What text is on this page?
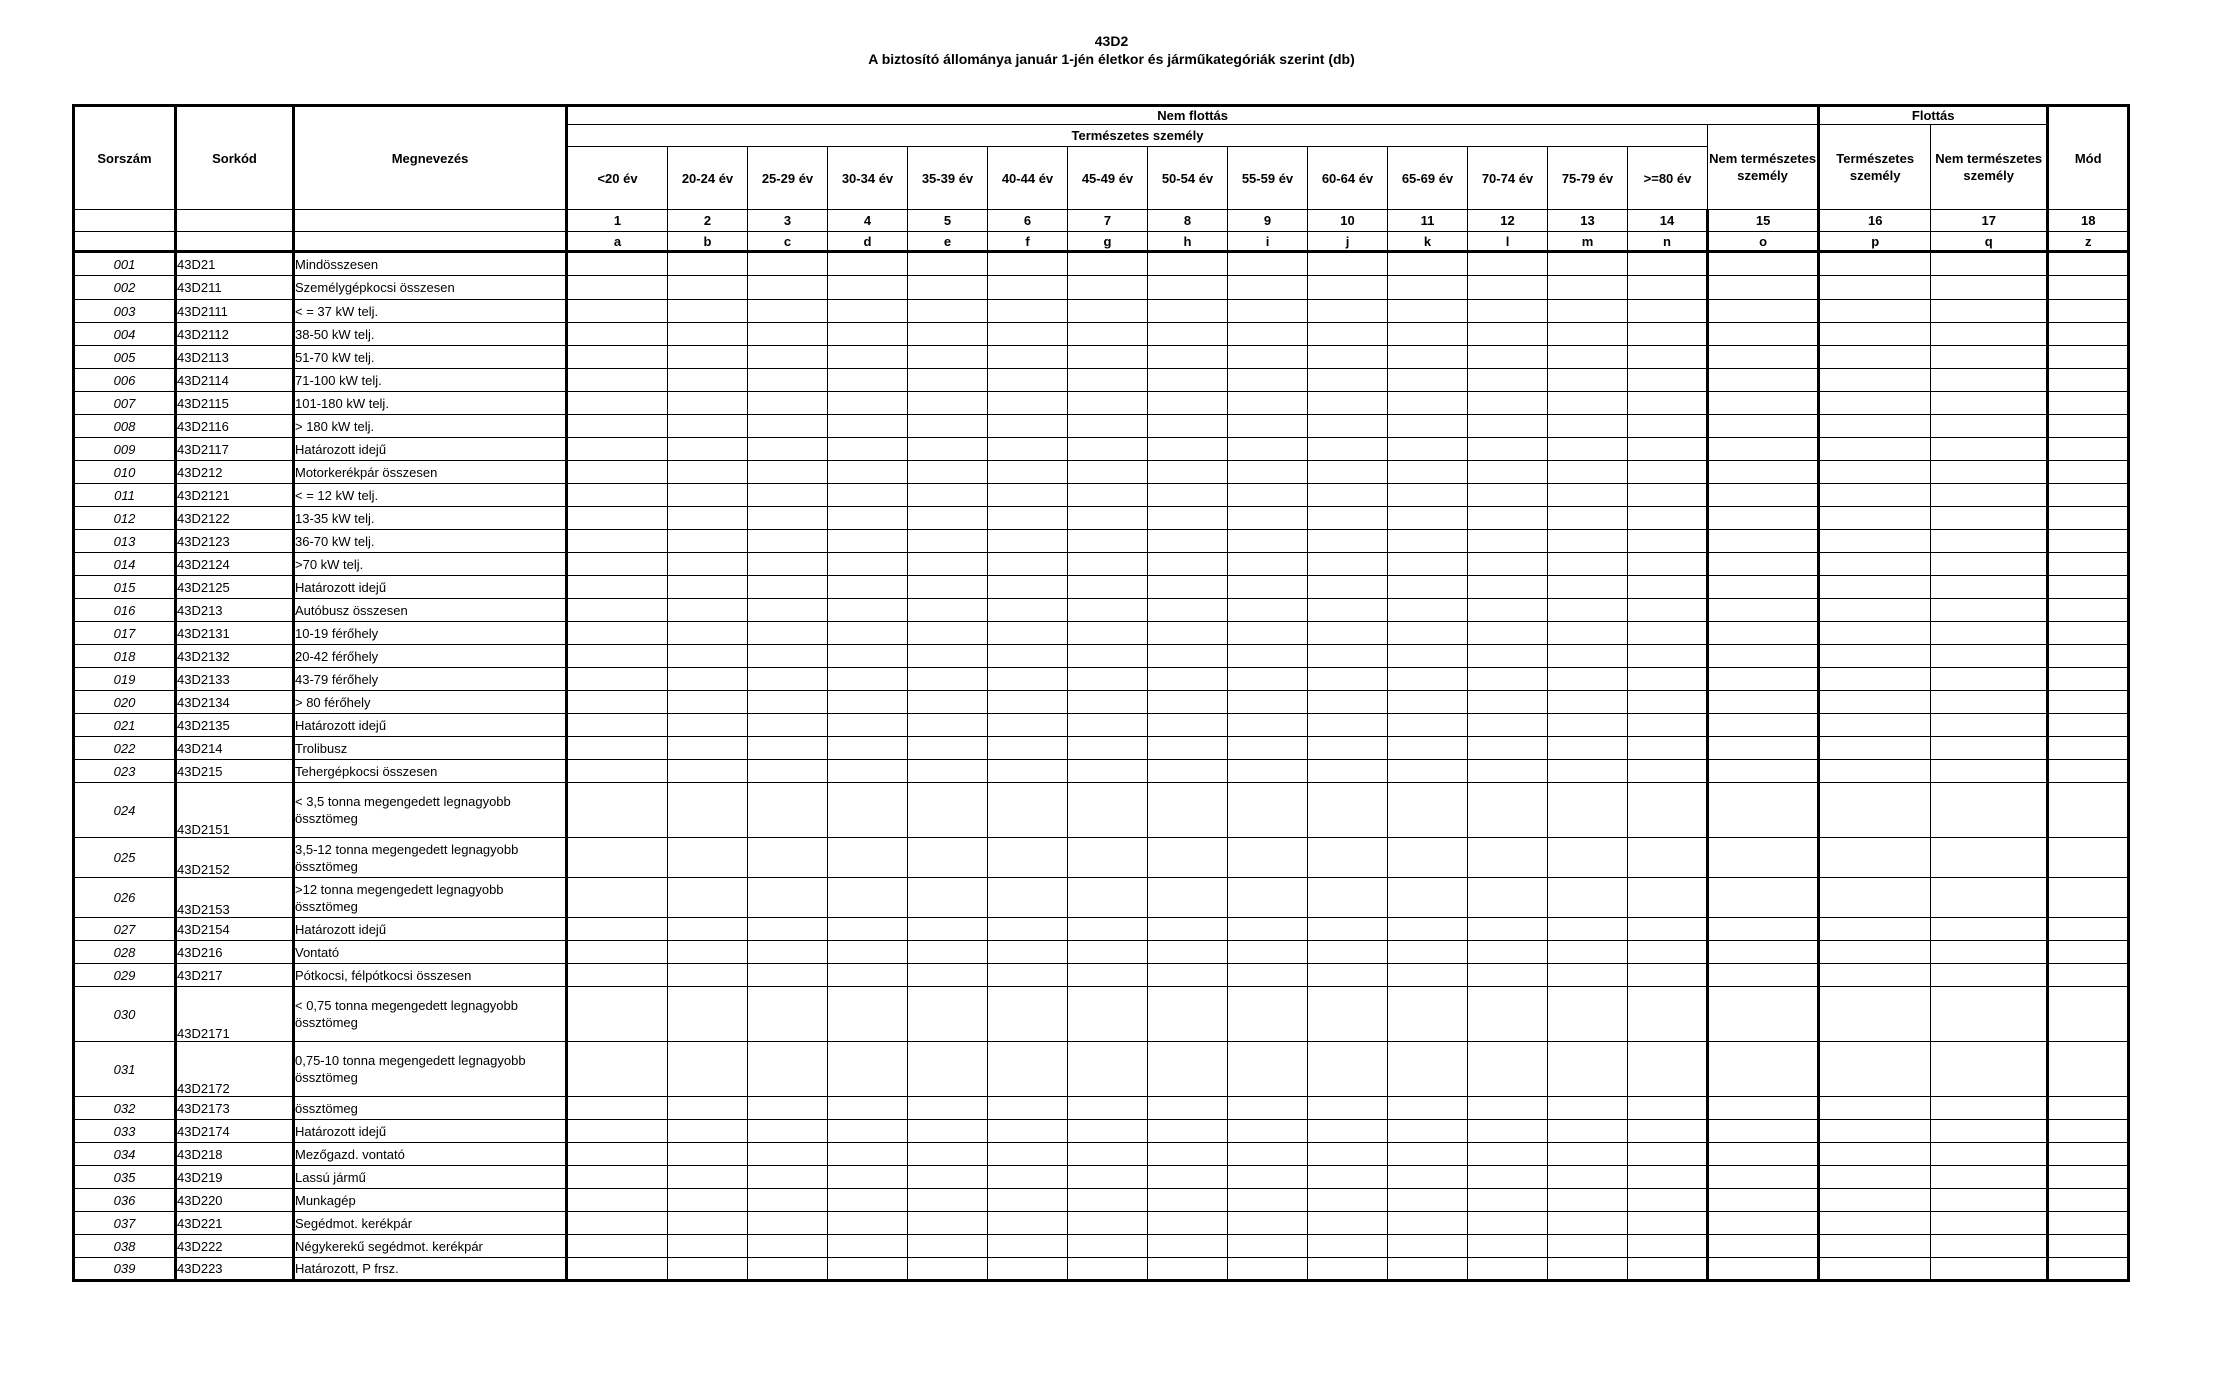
43D2
A biztosító állománya január 1-jén életkor és járműkategóriák szerint (db)
Sorszám	Sorkód	Megnevezés	Nem flottás															Flottás		Mód
			Természetes személy														Nem természetes személy	Természetes személy	Nem természetes személy	
			<20 év	20-24 év	25-29 év	30-34 év	35-39 év	40-44 év	45-49 év	50-54 év	55-59 év	60-64 év	65-69 év	70-74 év	75-79 év	>=80 év				
			1	2	3	4	5	6	7	8	9	10	11	12	13	14	15	16	17	18
			a	b	c	d	e	f	g	h	i	j	k	l	m	n	o	p	q	z
001	43D21	Mindösszesen																		
002	43D211	Személygépkocsi összesen																		
003	43D2111	< = 37 kW telj.																		
004	43D2112	38-50 kW telj.																		
005	43D2113	51-70 kW telj.																		
006	43D2114	71-100 kW telj.																		
007	43D2115	101-180 kW telj.																		
008	43D2116	> 180 kW telj.																		
009	43D2117	Határozott idejű																		
010	43D212	Motorkerékpár összesen																		
011	43D2121	< = 12 kW telj.																		
012	43D2122	13-35 kW telj.																		
013	43D2123	36-70 kW telj.																		
014	43D2124	>70 kW telj.																		
015	43D2125	Határozott idejű																		
016	43D213	Autóbusz összesen																		
017	43D2131	10-19 férőhely																		
018	43D2132	20-42 férőhely																		
019	43D2133	43-79 férőhely																		
020	43D2134	> 80 férőhely																		
021	43D2135	Határozott idejű																		
022	43D214	Trolibusz																		
023	43D215	Tehergépkocsi összesen																		
024	43D2151	< 3,5 tonna megengedett legnagyobb össztömeg																		
025	43D2152	3,5-12 tonna megengedett legnagyobb össztömeg																		
026	43D2153	>12 tonna megengedett legnagyobb össztömeg																		
027	43D2154	Határozott idejű																		
028	43D216	Vontató																		
029	43D217	Pótkocsi, félpótkocsi összesen																		
030	43D2171	< 0,75 tonna megengedett legnagyobb össztömeg																		
031	43D2172	0,75-10 tonna megengedett legnagyobb össztömeg																		
032	43D2173	össztömeg																		
033	43D2174	Határozott idejű																		
034	43D218	Mezőgazd. vontató																		
035	43D219	Lassú jármű																		
036	43D220	Munkagép																		
037	43D221	Segédmot. kerékpár																		
038	43D222	Négykerekű segédmot. kerékpár																		
039	43D223	Határozott, P frsz.																		
